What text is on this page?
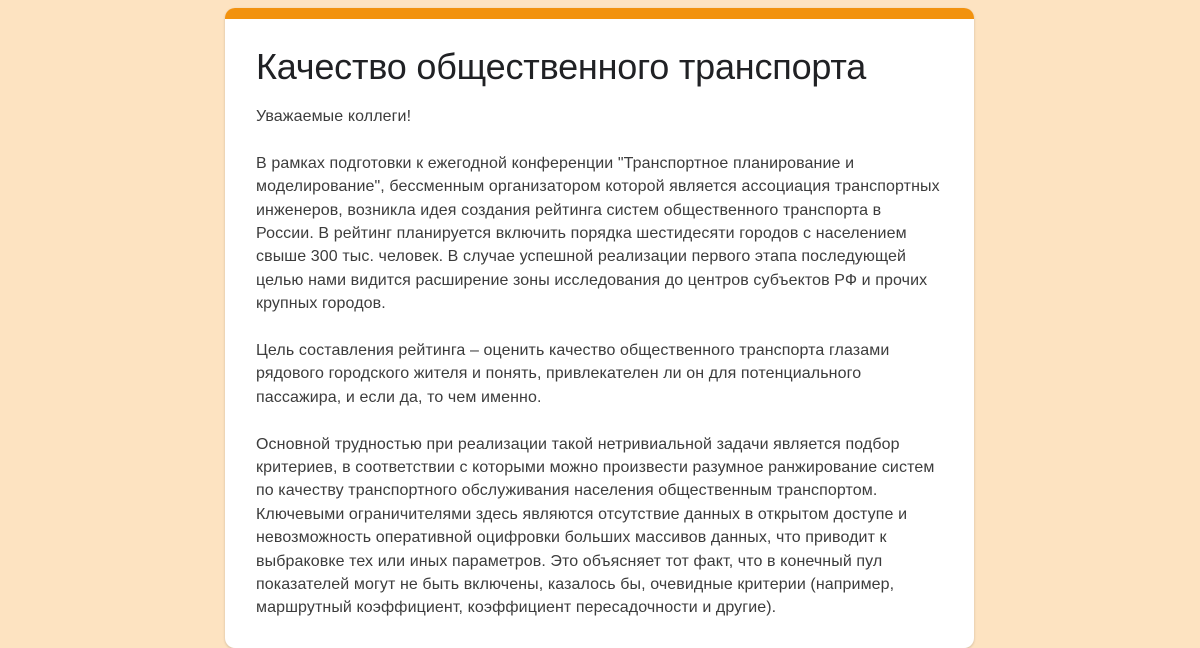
Качество общественного транспорта

Уважаемые коллеги!

В рамках подготовки к ежегодной конференции "Транспортное планирование и моделирование", бессменным организатором которой является ассоциация транспортных инженеров, возникла идея создания рейтинга систем общественного транспорта в России. В рейтинг планируется включить порядка шестидесяти городов с населением свыше 300 тыс. человек. В случае успешной реализации первого этапа последующей целью нами видится расширение зоны исследования до центров субъектов РФ и прочих крупных городов.

Цель составления рейтинга – оценить качество общественного транспорта глазами рядового городского жителя и понять, привлекателен ли он для потенциального пассажира, и если да, то чем именно.

Основной трудностью при реализации такой нетривиальной задачи является подбор критериев, в соответствии с которыми можно произвести разумное ранжирование систем по качеству транспортного обслуживания населения общественным транспортом. Ключевыми ограничителями здесь являются отсутствие данных в открытом доступе и невозможность оперативной оцифровки больших массивов данных, что приводит к выбраковке тех или иных параметров. Это объясняет тот факт, что в конечный пул показателей могут не быть включены, казалось бы, очевидные критерии (например, маршрутный коэффициент, коэффициент пересадочности и другие).
